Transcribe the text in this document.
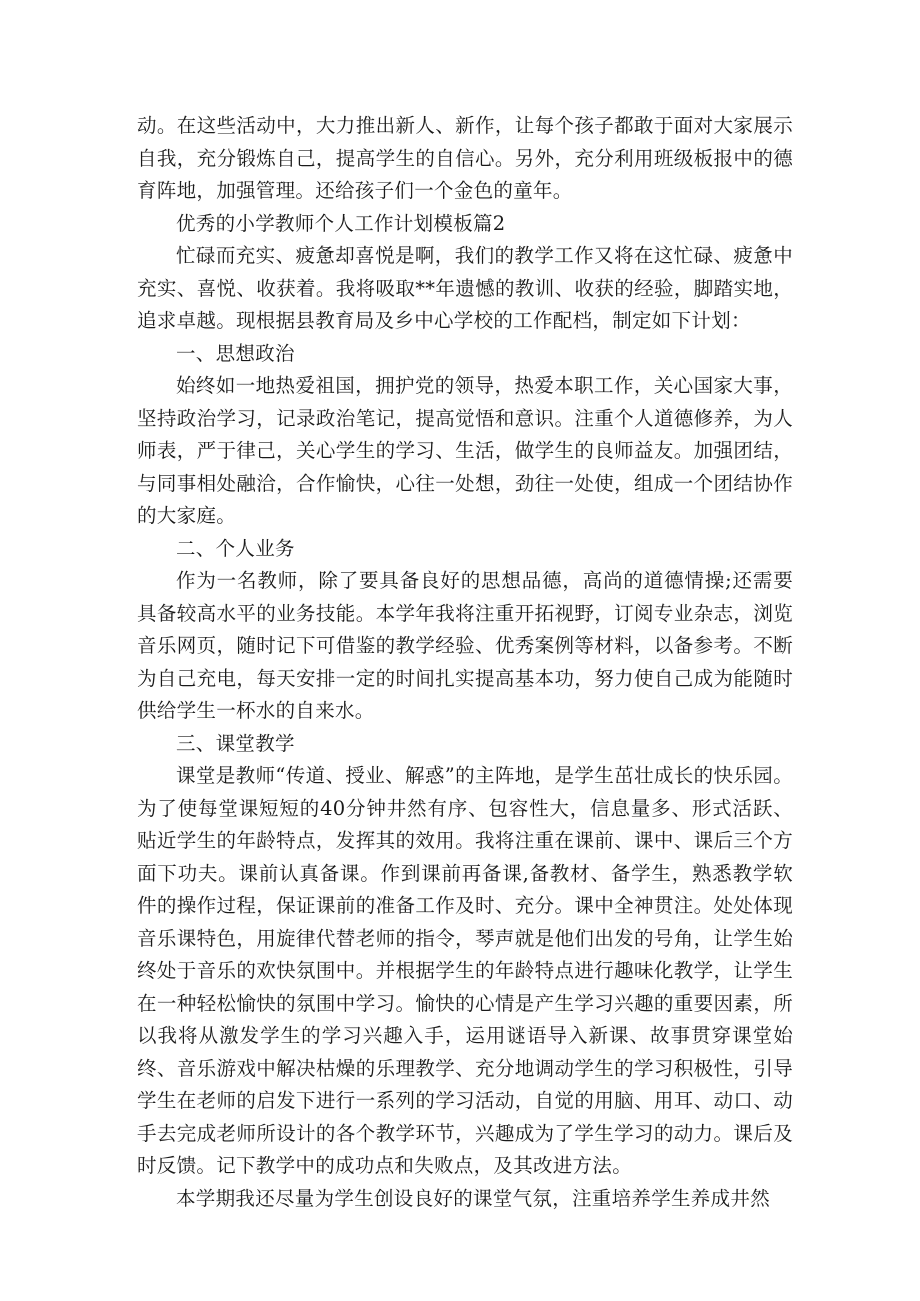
动。在这些活动中，大力推出新人、新作，让每个孩子都敢于面对大家展示自我，充分锻炼自己，提高学生的自信心。另外，充分利用班级板报中的德育阵地，加强管理。还给孩子们一个金色的童年。

优秀的小学教师个人工作计划模板篇2

忙碌而充实、疲惫却喜悦是啊，我们的教学工作又将在这忙碌、疲惫中充实、喜悦、收获着。我将吸取**年遗憾的教训、收获的经验，脚踏实地，追求卓越。现根据县教育局及乡中心学校的工作配档，制定如下计划：

一、思想政治

始终如一地热爱祖国，拥护党的领导，热爱本职工作，关心国家大事，坚持政治学习，记录政治笔记，提高觉悟和意识。注重个人道德修养，为人师表，严于律己，关心学生的学习、生活，做学生的良师益友。加强团结，与同事相处融洽，合作愉快，心往一处想，劲往一处使，组成一个团结协作的大家庭。

二、个人业务

作为一名教师，除了要具备良好的思想品德，高尚的道德情操;还需要具备较高水平的业务技能。本学年我将注重开拓视野，订阅专业杂志，浏览音乐网页，随时记下可借鉴的教学经验、优秀案例等材料，以备参考。不断为自己充电，每天安排一定的时间扎实提高基本功，努力使自己成为能随时供给学生一杯水的自来水。

三、课堂教学

课堂是教师“传道、授业、解惑”的主阵地，是学生茁壮成长的快乐园。为了使每堂课短短的40分钟井然有序、包容性大，信息量多、形式活跃、贴近学生的年龄特点，发挥其的效用。我将注重在课前、课中、课后三个方面下功夫。课前认真备课。作到课前再备课,备教材、备学生，熟悉教学软件的操作过程，保证课前的准备工作及时、充分。课中全神贯注。处处体现音乐课特色，用旋律代替老师的指令，琴声就是他们出发的号角，让学生始终处于音乐的欢快氛围中。并根据学生的年龄特点进行趣味化教学，让学生在一种轻松愉快的氛围中学习。愉快的心情是产生学习兴趣的重要因素，所以我将从激发学生的学习兴趣入手，运用谜语导入新课、故事贯穿课堂始终、音乐游戏中解决枯燥的乐理教学、充分地调动学生的学习积极性，引导学生在老师的启发下进行一系列的学习活动，自觉的用脑、用耳、动口、动手去完成老师所设计的各个教学环节，兴趣成为了学生学习的动力。课后及时反馈。记下教学中的成功点和失败点，及其改进方法。

本学期我还尽量为学生创设良好的课堂气氛，注重培养学生养成井然
